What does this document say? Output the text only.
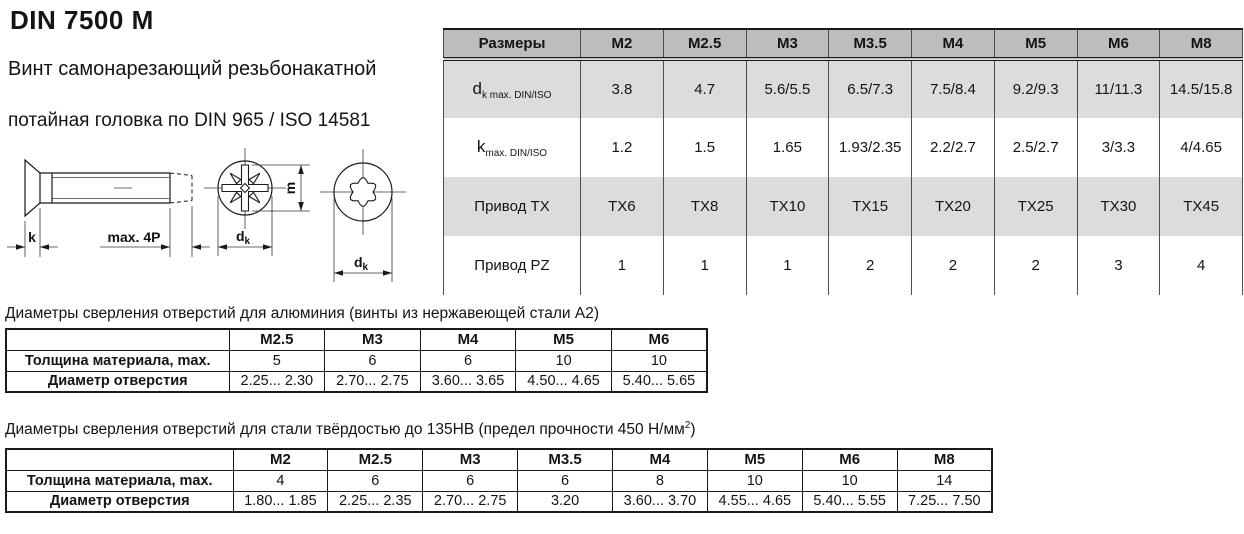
DIN 7500 M
Винт самонарезающий резьбонакатной
потайная головка по DIN 965 / ISO 14581
k	max. 4P
m
$d_k$
$d_k$
Размеры	M2	M2.5	M3	M3.5	M4	M5	M6	M8
$d_{k max. DIN/ISO}$	3.8	4.7	5.6/5.5	6.5/7.3	7.5/8.4	9.2/9.3	11/11.3	14.5/15.8
$k_{max. DIN/ISO}$	1.2	1.5	1.65	1.93/2.35	2.2/2.7	2.5/2.7	3/3.3	4/4.65
Привод TX	TX6	TX8	TX10	TX15	TX20	TX25	TX30	TX45
Привод PZ	1	1	1	2	2	2	3	4
Диаметры сверления отверстий для алюминия (винты из нержавеющей стали А2)
	M2.5	M3	M4	M5	M6
Толщина материала, max.	5	6	6	10	10
Диаметр отверстия	2.25... 2.30	2.70... 2.75	3.60... 3.65	4.50... 4.65	5.40... 5.65
Диаметры сверления отверстий для стали твёрдостью до 135HB (предел прочности 450 $Н/мм^2$)
	M2	M2.5	M3	M3.5	M4	M5	M6	M8
Толщина материала, max.	4	6	6	6	8	10	10	14
Диаметр отверстия	1.80... 1.85	2.25... 2.35	2.70... 2.75	3.20	3.60... 3.70	4.55... 4.65	5.40... 5.55	7.25... 7.50
